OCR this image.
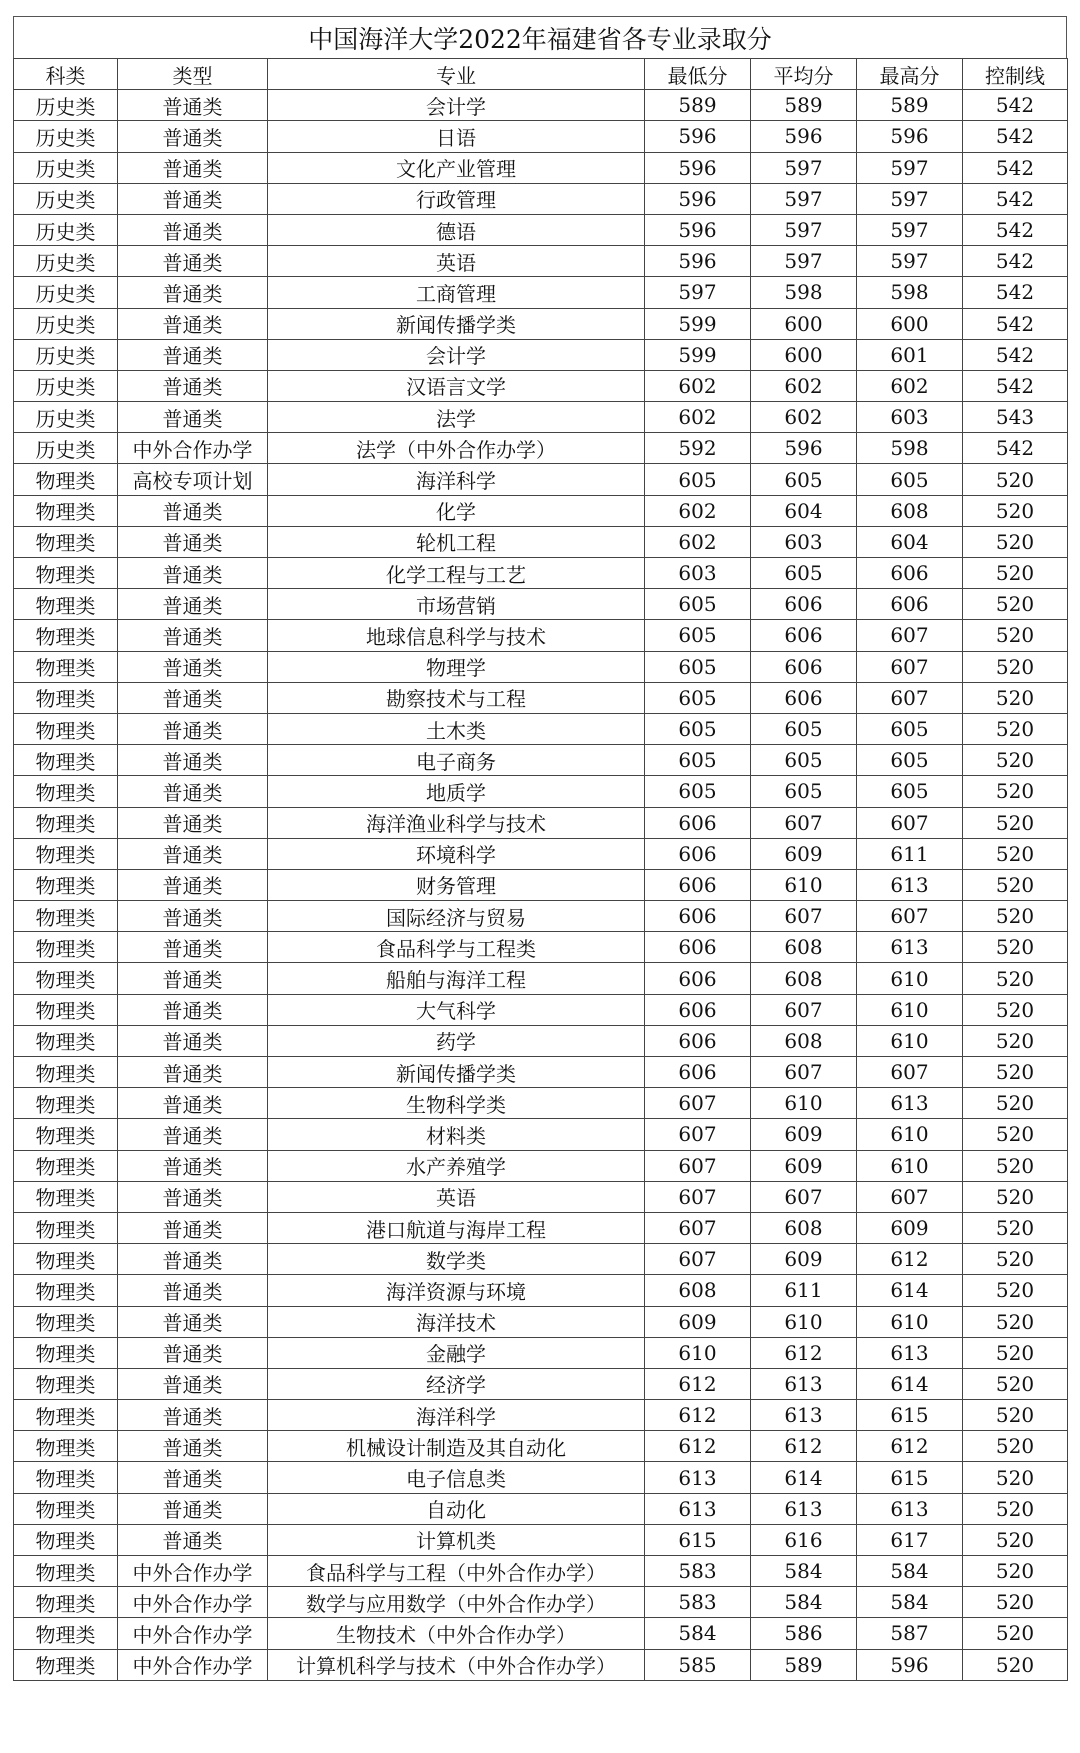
中国海洋大学2022年福建省各专业录取分
科类	类型	专业	最低分	平均分	最高分	控制线
历史类	普通类	会计学	589	589	589	542
历史类	普通类	日语	596	596	596	542
历史类	普通类	文化产业管理	596	597	597	542
历史类	普通类	行政管理	596	597	597	542
历史类	普通类	德语	596	597	597	542
历史类	普通类	英语	596	597	597	542
历史类	普通类	工商管理	597	598	598	542
历史类	普通类	新闻传播学类	599	600	600	542
历史类	普通类	会计学	599	600	601	542
历史类	普通类	汉语言文学	602	602	602	542
历史类	普通类	法学	602	602	603	543
历史类	中外合作办学	法学（中外合作办学）	592	596	598	542
物理类	高校专项计划	海洋科学	605	605	605	520
物理类	普通类	化学	602	604	608	520
物理类	普通类	轮机工程	602	603	604	520
物理类	普通类	化学工程与工艺	603	605	606	520
物理类	普通类	市场营销	605	606	606	520
物理类	普通类	地球信息科学与技术	605	606	607	520
物理类	普通类	物理学	605	606	607	520
物理类	普通类	勘察技术与工程	605	606	607	520
物理类	普通类	土木类	605	605	605	520
物理类	普通类	电子商务	605	605	605	520
物理类	普通类	地质学	605	605	605	520
物理类	普通类	海洋渔业科学与技术	606	607	607	520
物理类	普通类	环境科学	606	609	611	520
物理类	普通类	财务管理	606	610	613	520
物理类	普通类	国际经济与贸易	606	607	607	520
物理类	普通类	食品科学与工程类	606	608	613	520
物理类	普通类	船舶与海洋工程	606	608	610	520
物理类	普通类	大气科学	606	607	610	520
物理类	普通类	药学	606	608	610	520
物理类	普通类	新闻传播学类	606	607	607	520
物理类	普通类	生物科学类	607	610	613	520
物理类	普通类	材料类	607	609	610	520
物理类	普通类	水产养殖学	607	609	610	520
物理类	普通类	英语	607	607	607	520
物理类	普通类	港口航道与海岸工程	607	608	609	520
物理类	普通类	数学类	607	609	612	520
物理类	普通类	海洋资源与环境	608	611	614	520
物理类	普通类	海洋技术	609	610	610	520
物理类	普通类	金融学	610	612	613	520
物理类	普通类	经济学	612	613	614	520
物理类	普通类	海洋科学	612	613	615	520
物理类	普通类	机械设计制造及其自动化	612	612	612	520
物理类	普通类	电子信息类	613	614	615	520
物理类	普通类	自动化	613	613	613	520
物理类	普通类	计算机类	615	616	617	520
物理类	中外合作办学	食品科学与工程（中外合作办学）	583	584	584	520
物理类	中外合作办学	数学与应用数学（中外合作办学）	583	584	584	520
物理类	中外合作办学	生物技术（中外合作办学）	584	586	587	520
物理类	中外合作办学	计算机科学与技术（中外合作办学）	585	589	596	520
